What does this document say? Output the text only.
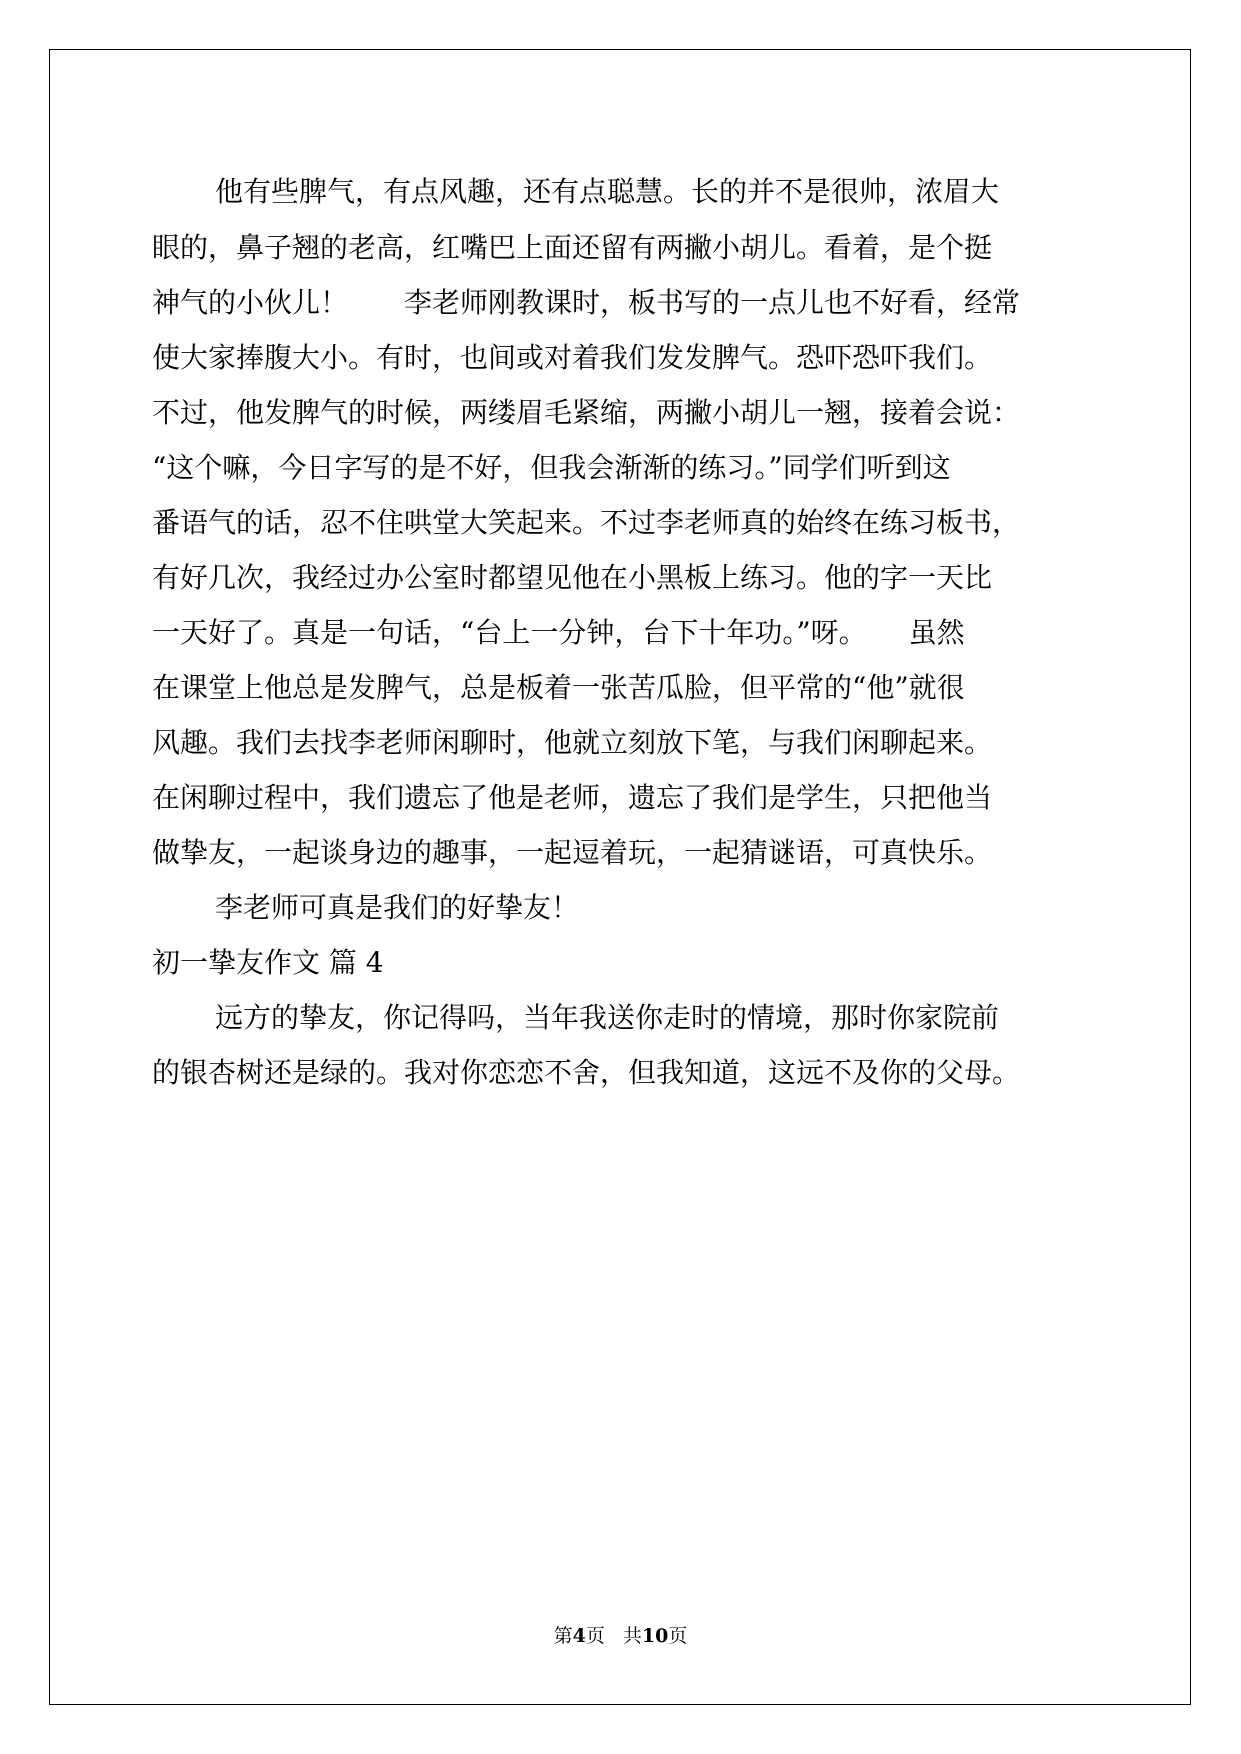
他有些脾气，有点风趣，还有点聪慧。长的并不是很帅，浓眉大

眼的，鼻子翘的老高，红嘴巴上面还留有两撇小胡儿。看着，是个挺

神气的小伙儿！　　李老师刚教课时，板书写的一点儿也不好看，经常

使大家捧腹大小。有时，也间或对着我们发发脾气。恐吓恐吓我们。

不过，他发脾气的时候，两缕眉毛紧缩，两撇小胡儿一翘，接着会说：

“这个嘛，今日字写的是不好，但我会渐渐的练习。”同学们听到这

番语气的话，忍不住哄堂大笑起来。不过李老师真的始终在练习板书，

有好几次，我经过办公室时都望见他在小黑板上练习。他的字一天比

一天好了。真是一句话，“台上一分钟，台下十年功。”呀。　　虽然

在课堂上他总是发脾气，总是板着一张苦瓜脸，但平常的“他”就很

风趣。我们去找李老师闲聊时，他就立刻放下笔，与我们闲聊起来。

在闲聊过程中，我们遗忘了他是老师，遗忘了我们是学生，只把他当

做挚友，一起谈身边的趣事，一起逗着玩，一起猜谜语，可真快乐。

李老师可真是我们的好挚友！

初一挚友作文 篇 4

远方的挚友，你记得吗，当年我送你走时的情境，那时你家院前

的银杏树还是绿的。我对你恋恋不舍，但我知道，这远不及你的父母。

第4页 共10页
